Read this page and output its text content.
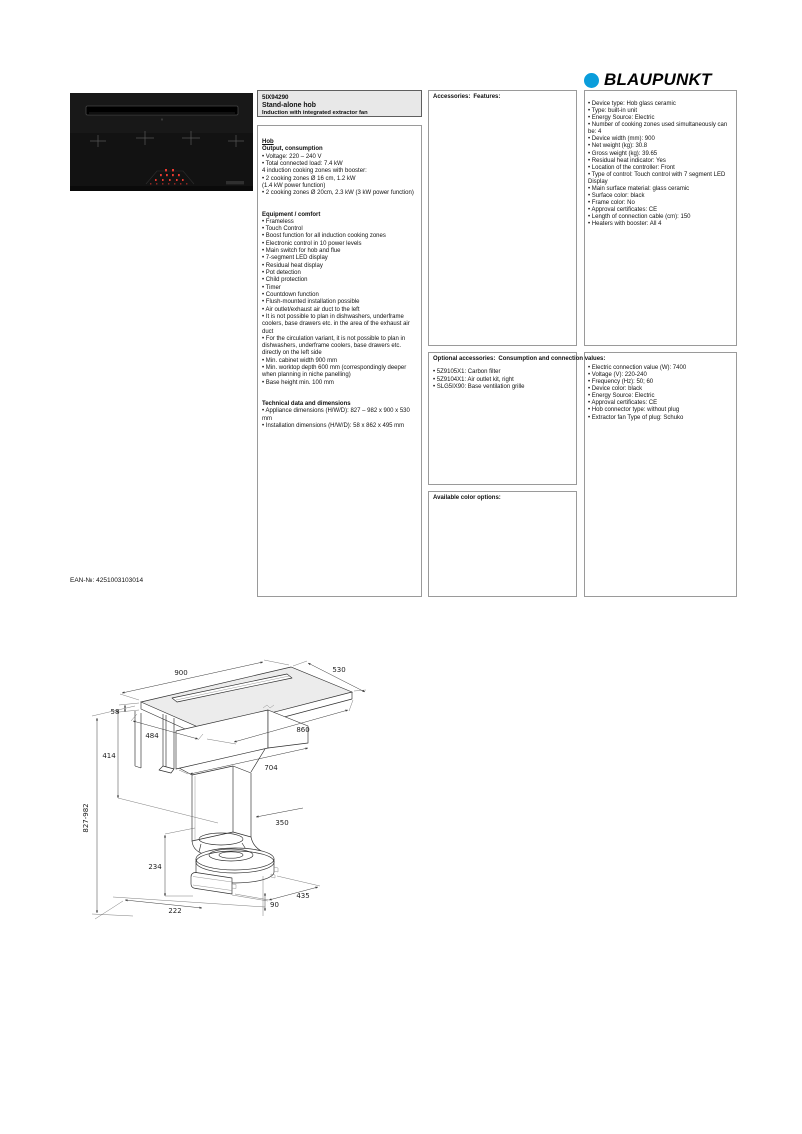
BLAUPUNKT
5IX94290
Stand-alone hob
Induction with integrated extractor fan
Hob
Output, consumption
• Voltage: 220 – 240 V
• Total connected load: 7.4 kW
4 induction cooking zones with booster:
• 2 cooking zones Ø 16 cm, 1.2 kW
(1.4 kW power function)
• 2 cooking zones Ø 20cm, 2.3 kW (3 kW power function)
Equipment / comfort
• Frameless
• Touch Control
• Boost function for all induction cooking zones
• Electronic control in 10 power levels
• Main switch for hob and flue
• 7-segment LED display
• Residual heat display
• Pot detection
• Child protection
• Timer
• Countdown function
• Flush-mounted installation possible
• Air outlet/exhaust air duct to the left
• It is not possible to plan in dishwashers, underframe coolers, base drawers etc. in the area of the exhaust air duct
• For the circulation variant, it is not possible to plan in dishwashers, underframe coolers, base drawers etc. directly on the left side
• Min. cabinet width 900 mm
• Min. worktop depth 600 mm (correspondingly deeper when planning in niche panelling)
• Base height min. 100 mm
Technical data and dimensions
• Appliance dimensions (H/W/D): 827 – 982 x 900 x 530 mm
• Installation dimensions (H/W/D): 58 x 862 x 495 mm
Accessories: Features:
• Device type: Hob glass ceramic
• Type: built-in unit
• Energy Source: Electric
• Number of cooking zones used simultaneously can be: 4
• Device width (mm): 900
• Net weight (kg): 30.8
• Gross weight (kg): 39.65
• Residual heat indicator: Yes
• Location of the controller: Front
• Type of control: Touch control with 7 segment LED Display
• Main surface material: glass ceramic
• Surface color: black
• Frame color: No
• Approval certificates: CE
• Length of connection cable (cm): 150
• Heaters with booster: All 4
Optional accessories: Consumption and connection values:
• 5Z9105X1: Carbon filter
• 5Z9104X1: Air outlet kit, right
• SLG5IX90: Base ventilation grille
• Electric connection value (W): 7400
• Voltage (V): 220-240
• Frequency (Hz): 50; 60
• Device color: black
• Energy Source: Electric
• Approval certificates: CE
• Hob connector type: without plug
• Extractor fan Type of plug: Schuko
Available color options:
EAN-№: 4251003103014
900	530
58
484
860
414
704
827-982	350
234
435
222
90
